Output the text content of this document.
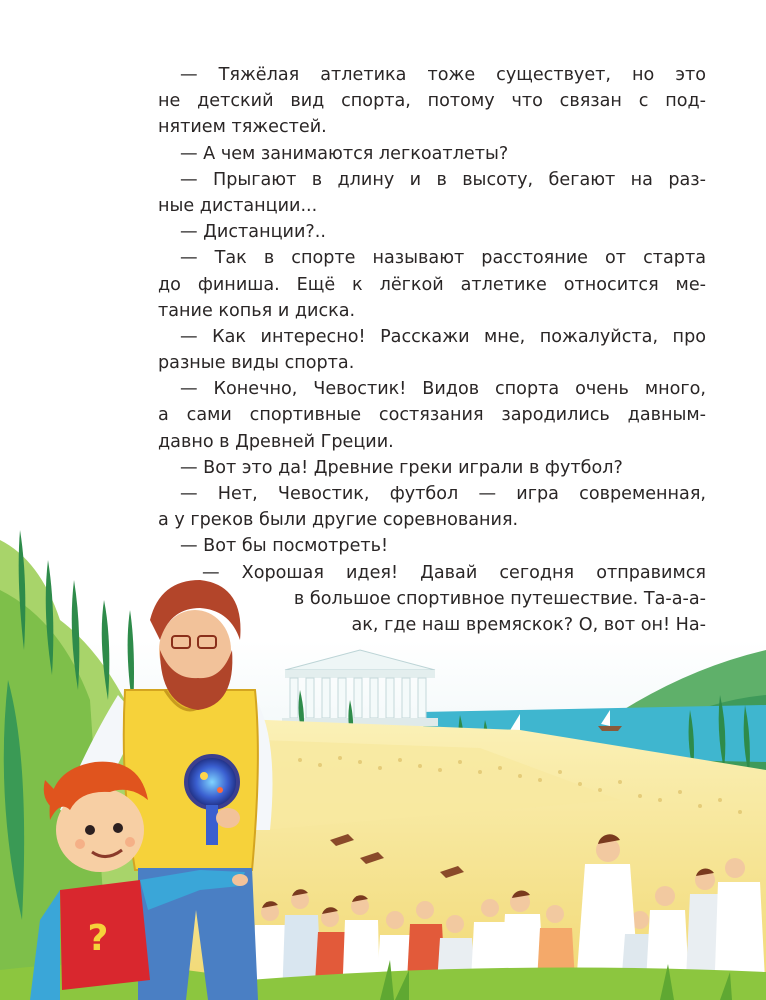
— Тяжёлая атлетика тоже существует, но это
не детский вид спорта, потому что связан с под-
нятием тяжестей.
— А чем занимаются легкоатлеты?
— Прыгают в длину и в высоту, бегают на раз-
ные дистанции...
— Дистанции?..
— Так в спорте называют расстояние от старта
до финиша. Ещё к лёгкой атлетике относится ме-
тание копья и диска.
— Как интересно! Расскажи мне, пожалуйста, про
разные виды спорта.
— Конечно, Чевостик! Видов спорта очень много,
а сами спортивные состязания зародились давным-
давно в Древней Греции.
— Вот это да! Древние греки играли в футбол?
— Нет, Чевостик, футбол — игра современная,
а у греков были другие соревнования.
— Вот бы посмотреть!
— Хорошая идея! Давай сегодня отправимся
в большое спортивное путешествие. Та-а-а-
ак, где наш времяскок? О, вот он! На-
?
